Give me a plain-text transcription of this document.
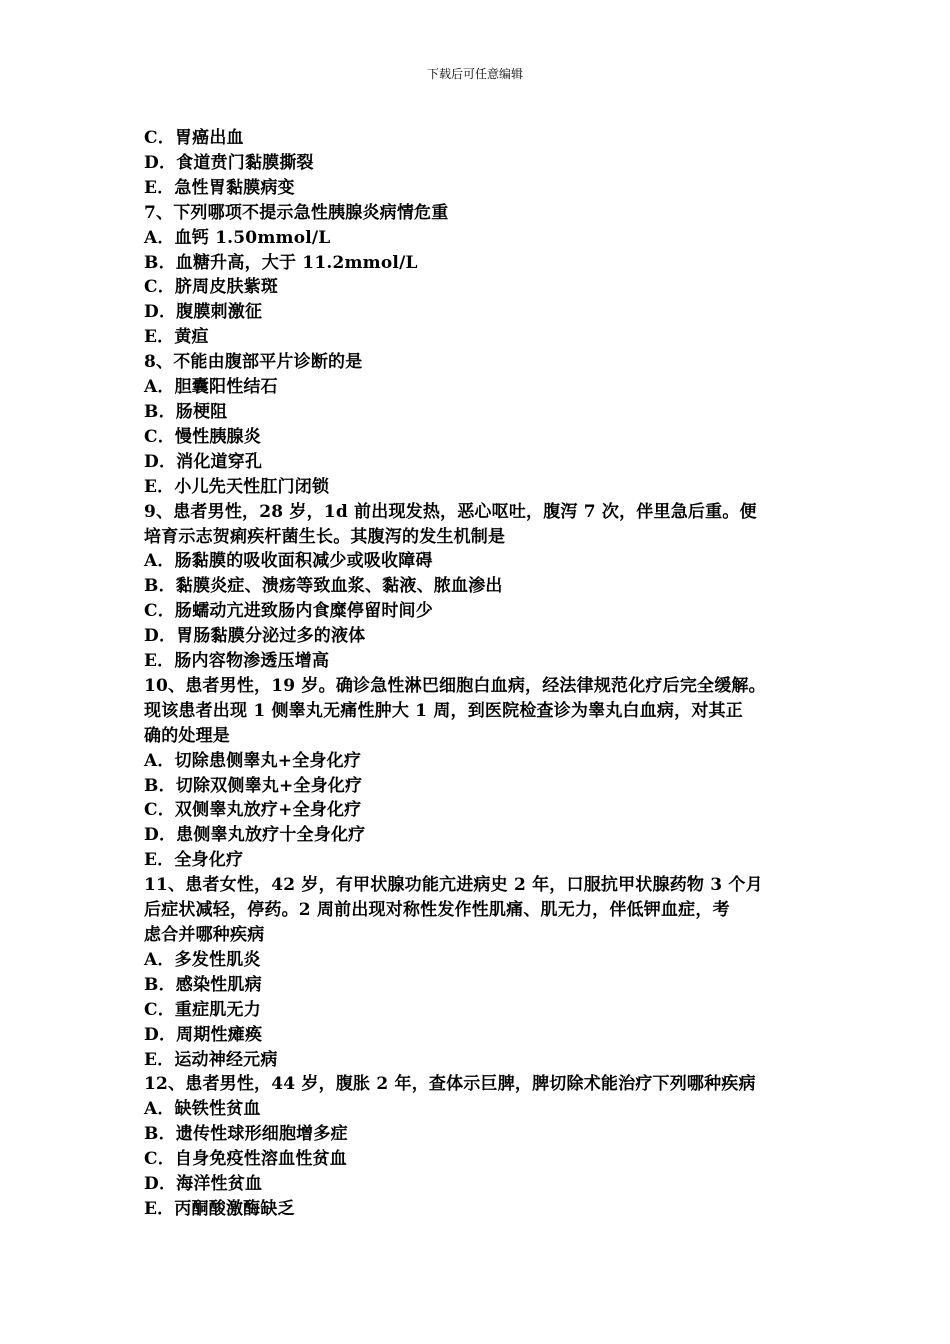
下载后可任意编辑
C．胃癌出血
D．食道贲门黏膜撕裂
E．急性胃黏膜病变
7、下列哪项不提示急性胰腺炎病情危重
A．血钙 1.50mmol/L
B．血糖升高，大于 11.2mmol/L
C．脐周皮肤紫斑
D．腹膜刺激征
E．黄疸
8、不能由腹部平片诊断的是
A．胆囊阳性结石
B．肠梗阻
C．慢性胰腺炎
D．消化道穿孔
E．小儿先天性肛门闭锁
9、患者男性，28 岁，1d 前出现发热，恶心呕吐，腹泻 7 次，伴里急后重。便
培育示志贺痢疾杆菌生长。其腹泻的发生机制是
A．肠黏膜的吸收面积减少或吸收障碍
B．黏膜炎症、溃疡等致血浆、黏液、脓血渗出
C．肠蠕动亢进致肠内食糜停留时间少
D．胃肠黏膜分泌过多的液体
E．肠内容物渗透压增高
10、患者男性，19 岁。确诊急性淋巴细胞白血病，经法律规范化疗后完全缓解。
现该患者出现 1 侧睾丸无痛性肿大 1 周，到医院检查诊为睾丸白血病，对其正
确的处理是
A．切除患侧睾丸+全身化疗
B．切除双侧睾丸+全身化疗
C．双侧睾丸放疗+全身化疗
D．患侧睾丸放疗十全身化疗
E．全身化疗
11、患者女性，42 岁，有甲状腺功能亢进病史 2 年，口服抗甲状腺药物 3 个月
后症状减轻，停药。2 周前出现对称性发作性肌痛、肌无力，伴低钾血症，考
虑合并哪种疾病
A．多发性肌炎
B．感染性肌病
C．重症肌无力
D．周期性瘫痪
E．运动神经元病
12、患者男性，44 岁，腹胀 2 年，查体示巨脾，脾切除术能治疗下列哪种疾病
A．缺铁性贫血
B．遗传性球形细胞增多症
C．自身免疫性溶血性贫血
D．海洋性贫血
E．丙酮酸激酶缺乏
